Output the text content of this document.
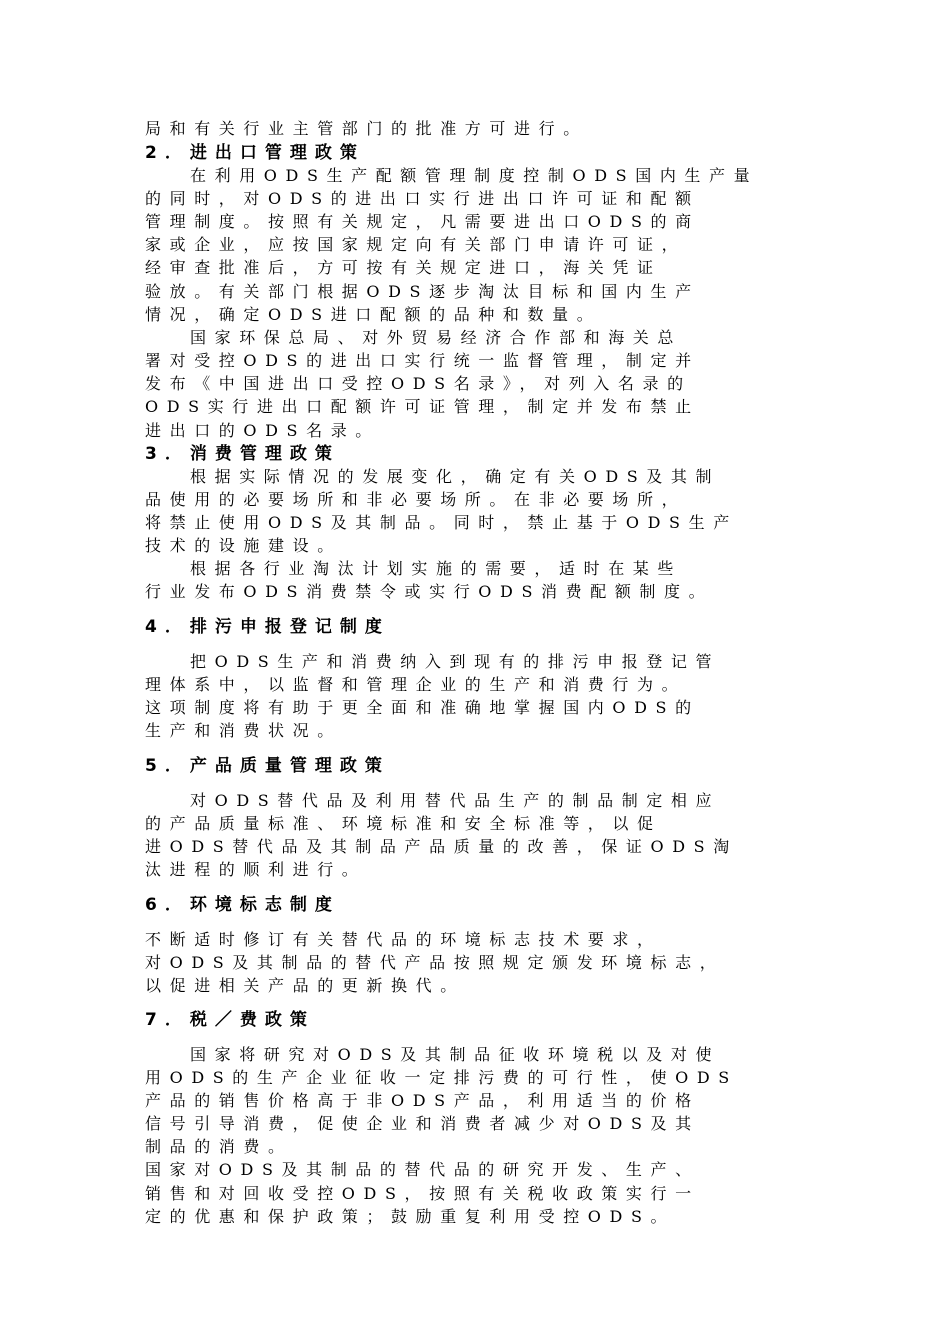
局和有关行业主管部门的批准方可进行。
2．进出口管理政策
在利用ODS生产配额管理制度控制ODS国内生产量
的同时，对ODS的进出口实行进出口许可证和配额
管理制度。按照有关规定，凡需要进出口ODS的商
家或企业，应按国家规定向有关部门申请许可证，
经审查批准后，方可按有关规定进口，海关凭证
验放。有关部门根据ODS逐步淘汰目标和国内生产
情况，确定ODS进口配额的品种和数量。
国家环保总局、对外贸易经济合作部和海关总
署对受控ODS的进出口实行统一监督管理，制定并
发布《中国进出口受控ODS名录》，对列入名录的
ODS实行进出口配额许可证管理，制定并发布禁止
进出口的ODS名录。
3．消费管理政策
根据实际情况的发展变化，确定有关ODS及其制
品使用的必要场所和非必要场所。在非必要场所，
将禁止使用ODS及其制品。同时，禁止基于ODS生产
技术的设施建设。
根据各行业淘汰计划实施的需要，适时在某些
行业发布ODS消费禁令或实行ODS消费配额制度。
4．排污申报登记制度
把ODS生产和消费纳入到现有的排污申报登记管
理体系中，以监督和管理企业的生产和消费行为。
这项制度将有助于更全面和准确地掌握国内ODS的
生产和消费状况。
5．产品质量管理政策
对ODS替代品及利用替代品生产的制品制定相应
的产品质量标准、环境标准和安全标准等，以促
进ODS替代品及其制品产品质量的改善，保证ODS淘
汰进程的顺利进行。
6．环境标志制度
不断适时修订有关替代品的环境标志技术要求，
对ODS及其制品的替代产品按照规定颁发环境标志，
以促进相关产品的更新换代。
7．税／费政策
国家将研究对ODS及其制品征收环境税以及对使
用ODS的生产企业征收一定排污费的可行性，使ODS
产品的销售价格高于非ODS产品，利用适当的价格
信号引导消费，促使企业和消费者减少对ODS及其
制品的消费。
国家对ODS及其制品的替代品的研究开发、生产、
销售和对回收受控ODS，按照有关税收政策实行一
定的优惠和保护政策；鼓励重复利用受控ODS。
